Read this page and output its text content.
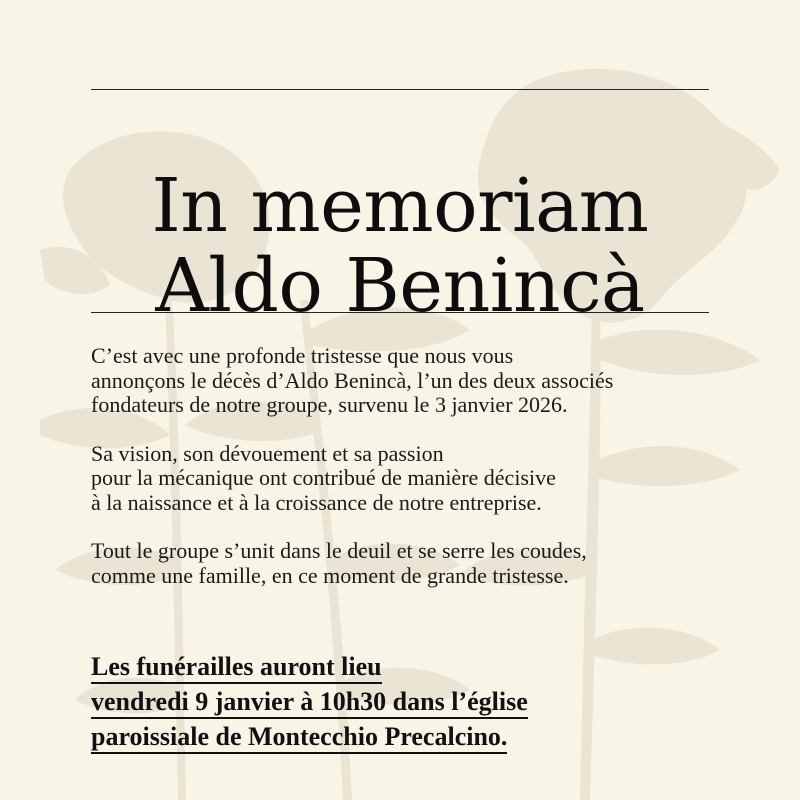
In memoriam
Aldo Benincà

C’est avec une profonde tristesse que nous vous
annonçons le décès d’Aldo Benincà, l’un des deux associés
fondateurs de notre groupe, survenu le 3 janvier 2026.

Sa vision, son dévouement et sa passion
pour la mécanique ont contribué de manière décisive
à la naissance et à la croissance de notre entreprise.

Tout le groupe s’unit dans le deuil et se serre les coudes,
comme une famille, en ce moment de grande tristesse.

Les funérailles auront lieu
vendredi 9 janvier à 10h30 dans l’église
paroissiale de Montecchio Precalcino.
